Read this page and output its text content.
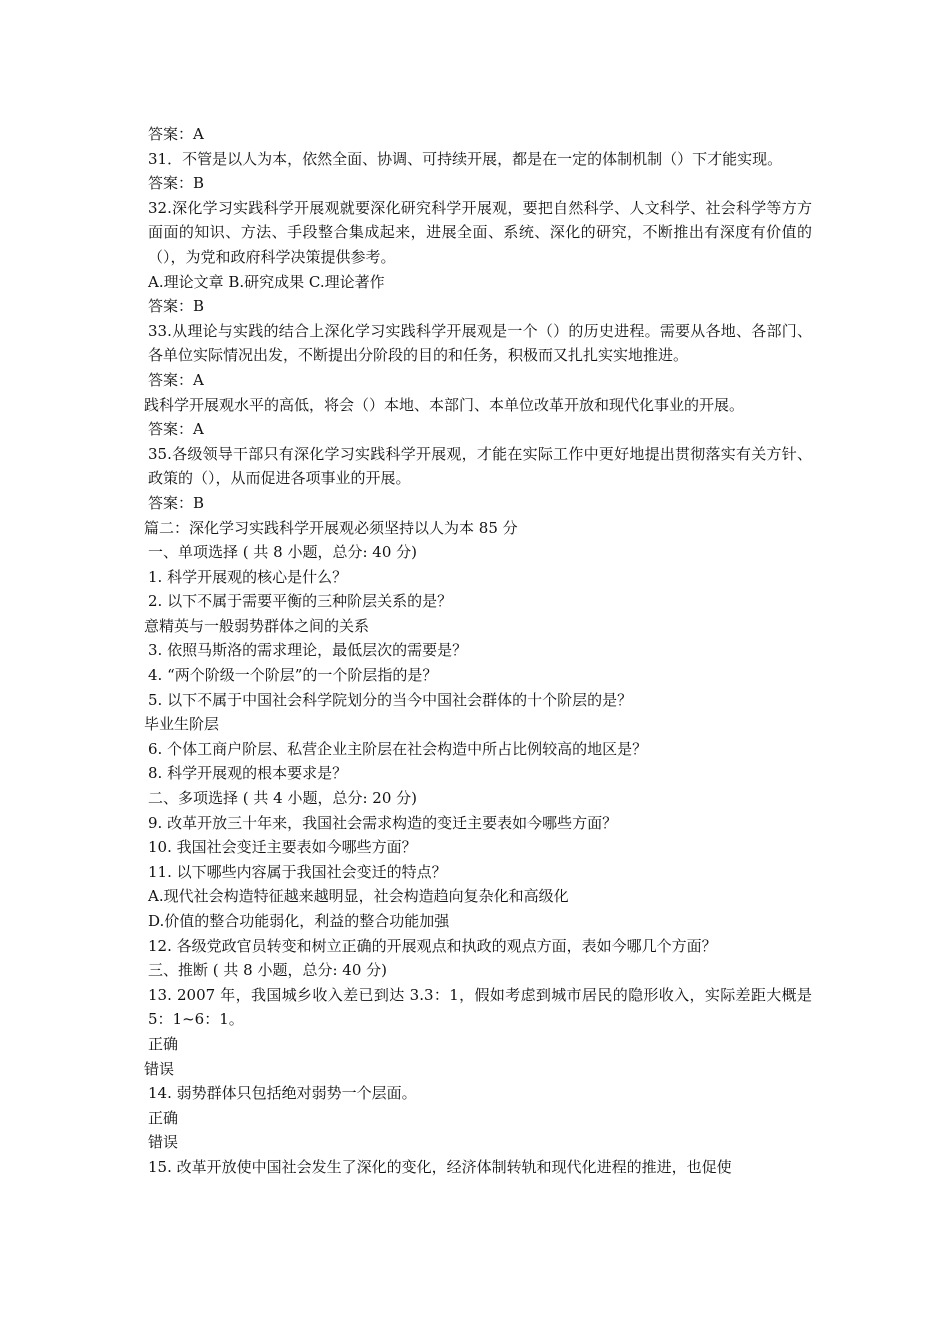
答案：A

31．不管是以人为本，依然全面、协调、可持续开展，都是在一定的体制机制（）下才能实现。

答案：B

32.深化学习实践科学开展观就要深化研究科学开展观，要把自然科学、人文科学、社会科学等方方面面的知识、方法、手段整合集成起来，进展全面、系统、深化的研究，不断推出有深度有价值的（），为党和政府科学决策提供参考。

A.理论文章 B.研究成果 C.理论著作

答案：B

33.从理论与实践的结合上深化学习实践科学开展观是一个（）的历史进程。需要从各地、各部门、各单位实际情况出发，不断提出分阶段的目的和任务，积极而又扎扎实实地推进。

答案：A

践科学开展观水平的高低，将会（）本地、本部门、本单位改革开放和现代化事业的开展。

答案：A

35.各级领导干部只有深化学习实践科学开展观，才能在实际工作中更好地提出贯彻落实有关方针、政策的（），从而促进各项事业的开展。

答案：B

篇二：深化学习实践科学开展观必须坚持以人为本 85 分

一、单项选择 ( 共 8 小题，总分: 40 分)

1. 科学开展观的核心是什么？

2. 以下不属于需要平衡的三种阶层关系的是？

意精英与一般弱势群体之间的关系

3. 依照马斯洛的需求理论，最低层次的需要是？

4. “两个阶级一个阶层”的一个阶层指的是？

5. 以下不属于中国社会科学院划分的当今中国社会群体的十个阶层的是？

毕业生阶层

6. 个体工商户阶层、私营企业主阶层在社会构造中所占比例较高的地区是？

8. 科学开展观的根本要求是？

二、多项选择 ( 共 4 小题，总分: 20 分)

9. 改革开放三十年来，我国社会需求构造的变迁主要表如今哪些方面？

10. 我国社会变迁主要表如今哪些方面？

11. 以下哪些内容属于我国社会变迁的特点？

A.现代社会构造特征越来越明显，社会构造趋向复杂化和高级化

D.价值的整合功能弱化，利益的整合功能加强

12. 各级党政官员转变和树立正确的开展观点和执政的观点方面，表如今哪几个方面？

三、推断 ( 共 8 小题，总分: 40 分)

13. 2007 年，我国城乡收入差已到达 3.3：1，假如考虑到城市居民的隐形收入，实际差距大概是 5：1~6：1。

正确

错误

14. 弱势群体只包括绝对弱势一个层面。

正确

错误

15. 改革开放使中国社会发生了深化的变化，经济体制转轨和现代化进程的推进，也促使
